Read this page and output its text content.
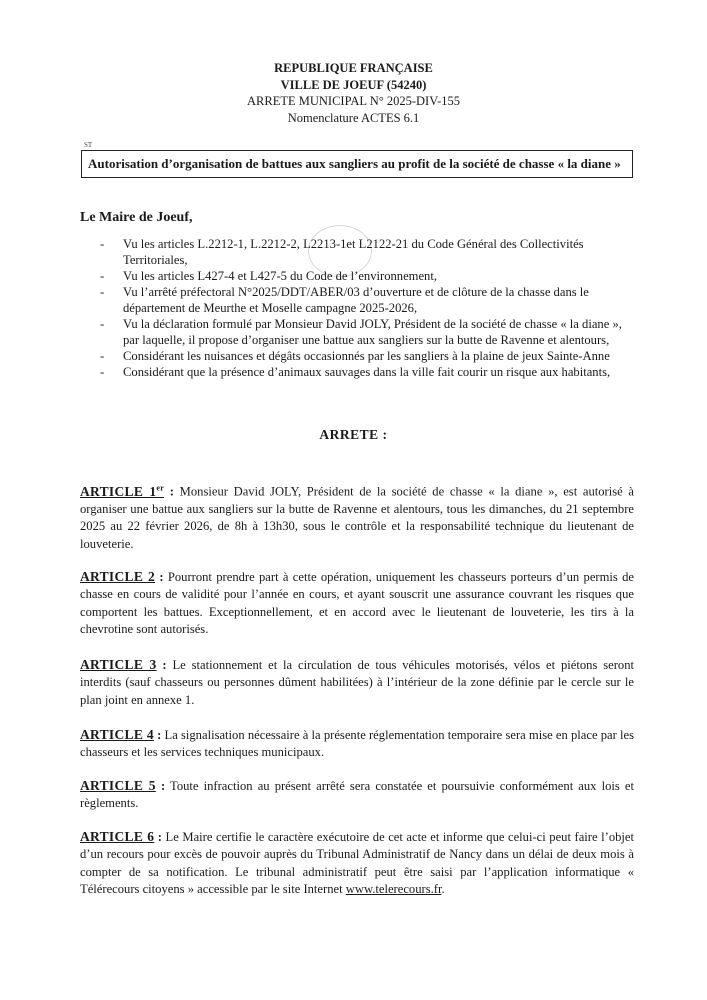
REPUBLIQUE FRANÇAISE
VILLE DE JOEUF (54240)
ARRETE MUNICIPAL N° 2025-DIV-155
Nomenclature ACTES 6.1
ST
Autorisation d’organisation de battues aux sangliers au profit de la société de chasse « la diane »
Le Maire de Joeuf,
- Vu les articles L.2212-1, L.2212-2, L2213-1et L2122-21 du Code Général des Collectivités Territoriales,
- Vu les articles L427-4 et L427-5 du Code de l’environnement,
- Vu l’arrêté préfectoral N°2025/DDT/ABER/03 d’ouverture et de clôture de la chasse dans le département de Meurthe et Moselle campagne 2025-2026,
- Vu la déclaration formulé par Monsieur David JOLY, Président de la société de chasse « la diane », par laquelle, il propose d’organiser une battue aux sangliers sur la butte de Ravenne et alentours,
- Considérant les nuisances et dégâts occasionnés par les sangliers à la plaine de jeux Sainte-Anne
- Considérant que la présence d’animaux sauvages dans la ville fait courir un risque aux habitants,
ARRETE :
ARTICLE 1er : Monsieur David JOLY, Président de la société de chasse « la diane », est autorisé à organiser une battue aux sangliers sur la butte de Ravenne et alentours, tous les dimanches, du 21 septembre 2025 au 22 février 2026, de 8h à 13h30, sous le contrôle et la responsabilité technique du lieutenant de louveterie.
ARTICLE 2 : Pourront prendre part à cette opération, uniquement les chasseurs porteurs d’un permis de chasse en cours de validité pour l’année en cours, et ayant souscrit une assurance couvrant les risques que comportent les battues. Exceptionnellement, et en accord avec le lieutenant de louveterie, les tirs à la chevrotine sont autorisés.
ARTICLE 3 : Le stationnement et la circulation de tous véhicules motorisés, vélos et piétons seront interdits (sauf chasseurs ou personnes dûment habilitées) à l’intérieur de la zone définie par le cercle sur le plan joint en annexe 1.
ARTICLE 4 : La signalisation nécessaire à la présente réglementation temporaire sera mise en place par les chasseurs et les services techniques municipaux.
ARTICLE 5 : Toute infraction au présent arrêté sera constatée et poursuivie conformément aux lois et règlements.
ARTICLE 6 : Le Maire certifie le caractère exécutoire de cet acte et informe que celui-ci peut faire l’objet d’un recours pour excès de pouvoir auprès du Tribunal Administratif de Nancy dans un délai de deux mois à compter de sa notification. Le tribunal administratif peut être saisi par l’application informatique « Télérecours citoyens » accessible par le site Internet www.telerecours.fr.
